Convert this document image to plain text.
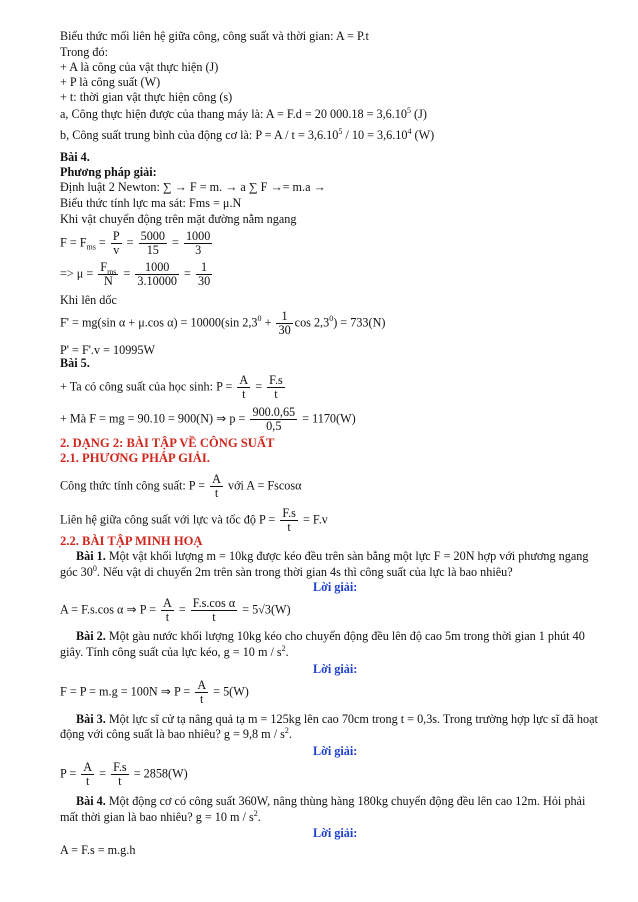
Biểu thức mối liên hệ giữa công, công suất và thời gian: A = P.t
Trong đó:
+ A là công của vật thực hiện (J)
+ P là công suất (W)
+ t: thời gian vật thực hiện công (s)
a, Công thực hiện được của thang máy là: A = F.d = 20 $000.18 = 3,6.10^5$ (J)
b, Công suất trung bình của động cơ là: $P = A / t = 3,6.10^5 / 10 = 3,6.10^4$ (W)
Bài 4.
Phương pháp giải:
Định luật 2 Newton: ∑ → F = m. → a ∑ F →= m.a →
Biểu thức tính lực ma sát: Fms = μ.N
Khi vật chuyển động trên mặt đường nằm ngang
$F = F_{ms} = \frac{P}{v} = \frac{5000}{15} = \frac{1000}{3}$
=> $\mu = \frac{F_{ms}}{N} = \frac{1000}{3.10000} = \frac{1}{30}$
Khi lên dốc
F' = mg(sin α + μ.cos α) = 10000(sin $2,3^0 + \frac{1}{30}$ $\cos 2,3^0) = 733(N)$
P' = F'.v = 10995W
Bài 5.
+ Ta có công suất của học sinh: $P = \frac{A}{t} = \frac{F.s}{t}$
+ Mà F = mg = 90.10 = 900(N) ⇒ $p = \frac{900.0,65}{0,5} = 1170(W)$
2. DẠNG 2: BÀI TẬP VỀ CÔNG SUẤT
2.1. PHƯƠNG PHÁP GIẢI.
Công thức tính công suất: $P = \frac{A}{t}$ với A = Fscosα
Liên hệ giữa công suất với lực và tốc độ $P = \frac{F.s}{t} = F.v$
2.2. BÀI TẬP MINH HOẠ
Bài 1. Một vật khối lượng m = 10kg được kéo đều trên sàn bằng một lực F = 20N hợp với phương ngang
góc $30^0$. Nếu vật di chuyển 2m trên sàn trong thời gian 4s thì công suất của lực là bao nhiêu?
Lời giải:
A = F.s.cos α ⇒ $P = \frac{A}{t} = \frac{\text{F.s.cos α}}{t} = 5√3(W)$
Bài 2. Một gàu nước khối lượng 10kg kéo cho chuyển động đều lên độ cao 5m trong thời gian 1 phút 40
giây. Tính công suất của lực kéo, g = 10 m / $s^2$.
Lời giải:
F = P = m.g = 100N ⇒ $P = \frac{A}{t} = 5(W)$
Bài 3. Một lực sĩ cử tạ nâng quả tạ m = 125kg lên cao 70cm trong t = 0,3s. Trong trường hợp lực sĩ đã hoạt
động với công suất là bao nhiêu? g = 9,8 m / $s^2$.
Lời giải:
$P = \frac{A}{t} = \frac{F.s}{t} = 2858(W)$
Bài 4. Một động cơ có công suất 360W, nâng thùng hàng 180kg chuyển động đều lên cao 12m. Hỏi phải
mất thời gian là bao nhiêu? g = 10 m / $s^2$.
Lời giải:
A = F.s = m.g.h
